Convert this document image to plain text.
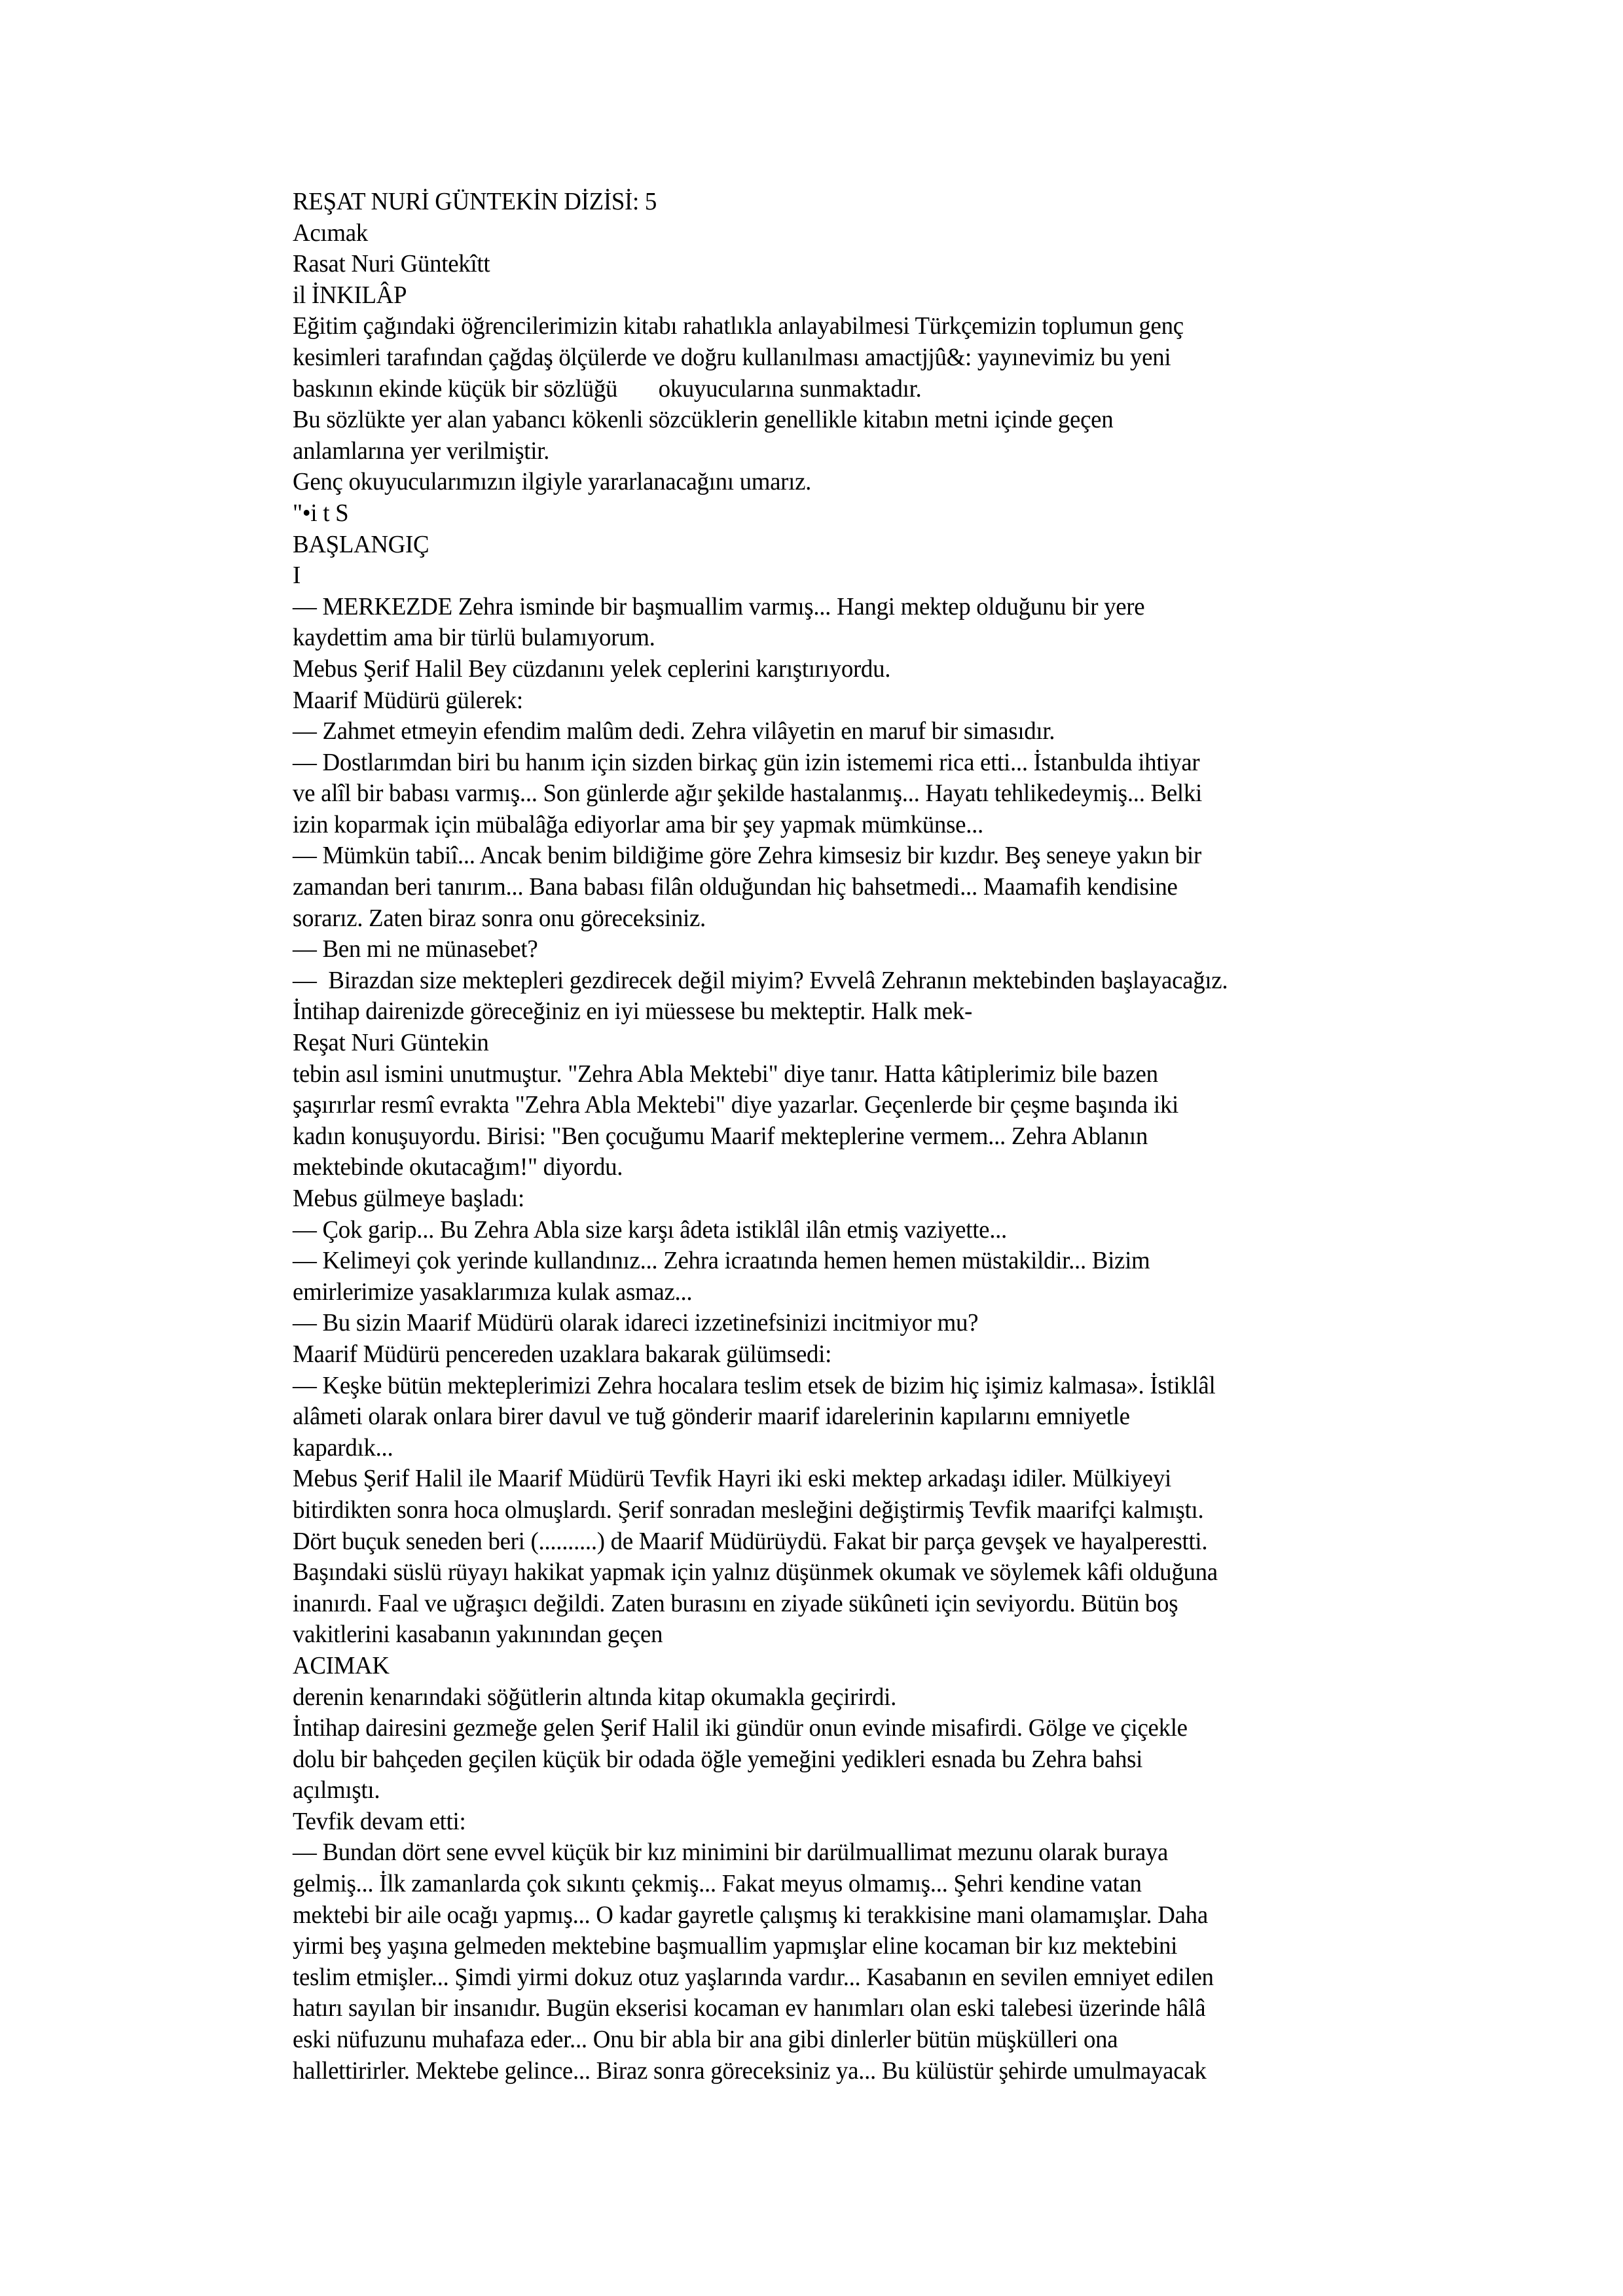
REŞAT NURİ GÜNTEKİN DİZİSİ: 5
Acımak
Rasat Nuri Güntekîtt
il İNKILÂP
Eğitim çağındaki öğrencilerimizin kitabı rahatlıkla anlayabilmesi Türkçemizin toplumun genç
kesimleri tarafından çağdaş ölçülerde ve doğru kullanılması amactjjû&: yayınevimiz bu yeni
baskının ekinde küçük bir sözlüğü       okuyucularına sunmaktadır.
Bu sözlükte yer alan yabancı kökenli sözcüklerin genellikle kitabın metni içinde geçen
anlamlarına yer verilmiştir.
Genç okuyucularımızın ilgiyle yararlanacağını umarız.
"•i t S
BAŞLANGIÇ
I
— MERKEZDE Zehra isminde bir başmuallim varmış... Hangi mektep olduğunu bir yere
kaydettim ama bir türlü bulamıyorum.
Mebus Şerif Halil Bey cüzdanını yelek ceplerini karıştırıyordu.
Maarif Müdürü gülerek:
— Zahmet etmeyin efendim malûm dedi. Zehra vilâyetin en maruf bir simasıdır.
— Dostlarımdan biri bu hanım için sizden birkaç gün izin istememi rica etti... İstanbulda ihtiyar
ve alîl bir babası varmış... Son günlerde ağır şekilde hastalanmış... Hayatı tehlikedeymiş... Belki
izin koparmak için mübalâğa ediyorlar ama bir şey yapmak mümkünse...
— Mümkün tabiî... Ancak benim bildiğime göre Zehra kimsesiz bir kızdır. Beş seneye yakın bir
zamandan beri tanırım... Bana babası filân olduğundan hiç bahsetmedi... Maamafih kendisine
sorarız. Zaten biraz sonra onu göreceksiniz.
— Ben mi ne münasebet?
—  Birazdan size mektepleri gezdirecek değil miyim? Evvelâ Zehranın mektebinden başlayacağız.
İntihap dairenizde göreceğiniz en iyi müessese bu mekteptir. Halk mek-
Reşat Nuri Güntekin
tebin asıl ismini unutmuştur. "Zehra Abla Mektebi" diye tanır. Hatta kâtiplerimiz bile bazen
şaşırırlar resmî evrakta "Zehra Abla Mektebi" diye yazarlar. Geçenlerde bir çeşme başında iki
kadın konuşuyordu. Birisi: "Ben çocuğumu Maarif mekteplerine vermem... Zehra Ablanın
mektebinde okutacağım!" diyordu.
Mebus gülmeye başladı:
— Çok garip... Bu Zehra Abla size karşı âdeta istiklâl ilân etmiş vaziyette...
— Kelimeyi çok yerinde kullandınız... Zehra icraatında hemen hemen müstakildir... Bizim
emirlerimize yasaklarımıza kulak asmaz...
— Bu sizin Maarif Müdürü olarak idareci izzetinefsinizi incitmiyor mu?
Maarif Müdürü pencereden uzaklara bakarak gülümsedi:
— Keşke bütün mekteplerimizi Zehra hocalara teslim etsek de bizim hiç işimiz kalmasa». İstiklâl
alâmeti olarak onlara birer davul ve tuğ gönderir maarif idarelerinin kapılarını emniyetle
kapardık...
Mebus Şerif Halil ile Maarif Müdürü Tevfik Hayri iki eski mektep arkadaşı idiler. Mülkiyeyi
bitirdikten sonra hoca olmuşlardı. Şerif sonradan mesleğini değiştirmiş Tevfik maarifçi kalmıştı.
Dört buçuk seneden beri (..........) de Maarif Müdürüydü. Fakat bir parça gevşek ve hayalperestti.
Başındaki süslü rüyayı hakikat yapmak için yalnız düşünmek okumak ve söylemek kâfi olduğuna
inanırdı. Faal ve uğraşıcı değildi. Zaten burasını en ziyade sükûneti için seviyordu. Bütün boş
vakitlerini kasabanın yakınından geçen
ACIMAK
derenin kenarındaki söğütlerin altında kitap okumakla geçirirdi.
İntihap dairesini gezmeğe gelen Şerif Halil iki gündür onun evinde misafirdi. Gölge ve çiçekle
dolu bir bahçeden geçilen küçük bir odada öğle yemeğini yedikleri esnada bu Zehra bahsi
açılmıştı.
Tevfik devam etti:
— Bundan dört sene evvel küçük bir kız minimini bir darülmuallimat mezunu olarak buraya
gelmiş... İlk zamanlarda çok sıkıntı çekmiş... Fakat meyus olmamış... Şehri kendine vatan
mektebi bir aile ocağı yapmış... O kadar gayretle çalışmış ki terakkisine mani olamamışlar. Daha
yirmi beş yaşına gelmeden mektebine başmuallim yapmışlar eline kocaman bir kız mektebini
teslim etmişler... Şimdi yirmi dokuz otuz yaşlarında vardır... Kasabanın en sevilen emniyet edilen
hatırı sayılan bir insanıdır. Bugün ekserisi kocaman ev hanımları olan eski talebesi üzerinde hâlâ
eski nüfuzunu muhafaza eder... Onu bir abla bir ana gibi dinlerler bütün müşkülleri ona
hallettirirler. Mektebe gelince... Biraz sonra göreceksiniz ya... Bu külüstür şehirde umulmayacak
